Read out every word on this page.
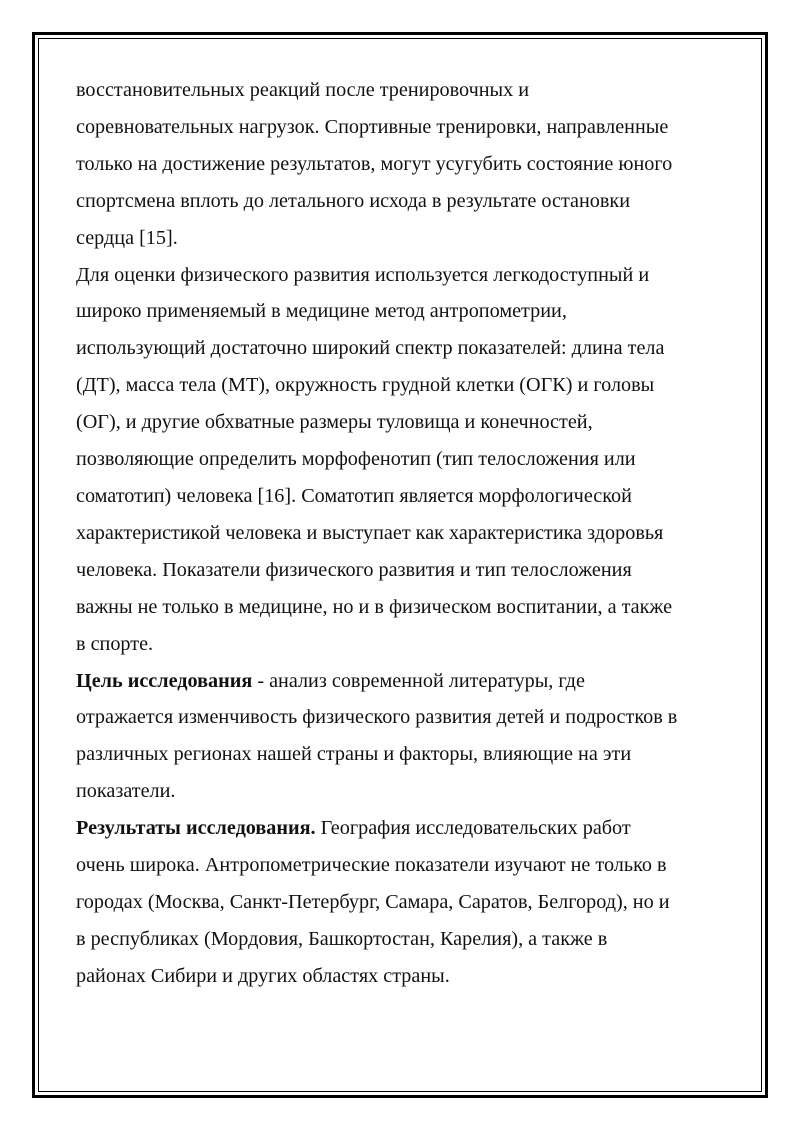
восстановительных реакций после тренировочных и
соревновательных нагрузок. Спортивные тренировки, направленные
только на достижение результатов, могут усугубить состояние юного
спортсмена вплоть до летального исхода в результате остановки
сердца [15].

Для оценки физического развития используется легкодоступный и
широко применяемый в медицине метод антропометрии,
использующий достаточно широкий спектр показателей: длина тела
(ДТ), масса тела (МТ), окружность грудной клетки (ОГК) и головы
(ОГ), и другие обхватные размеры туловища и конечностей,
позволяющие определить морфофенотип (тип телосложения или
соматотип) человека [16]. Соматотип является морфологической
характеристикой человека и выступает как характеристика здоровья
человека. Показатели физического развития и тип телосложения
важны не только в медицине, но и в физическом воспитании, а также
в спорте.

Цель исследования - анализ современной литературы, где
отражается изменчивость физического развития детей и подростков в
различных регионах нашей страны и факторы, влияющие на эти
показатели.

Результаты исследования. География исследовательских работ
очень широка. Антропометрические показатели изучают не только в
городах (Москва, Санкт-Петербург, Самара, Саратов, Белгород), но и
в республиках (Мордовия, Башкортостан, Карелия), а также в
районах Сибири и других областях страны.
